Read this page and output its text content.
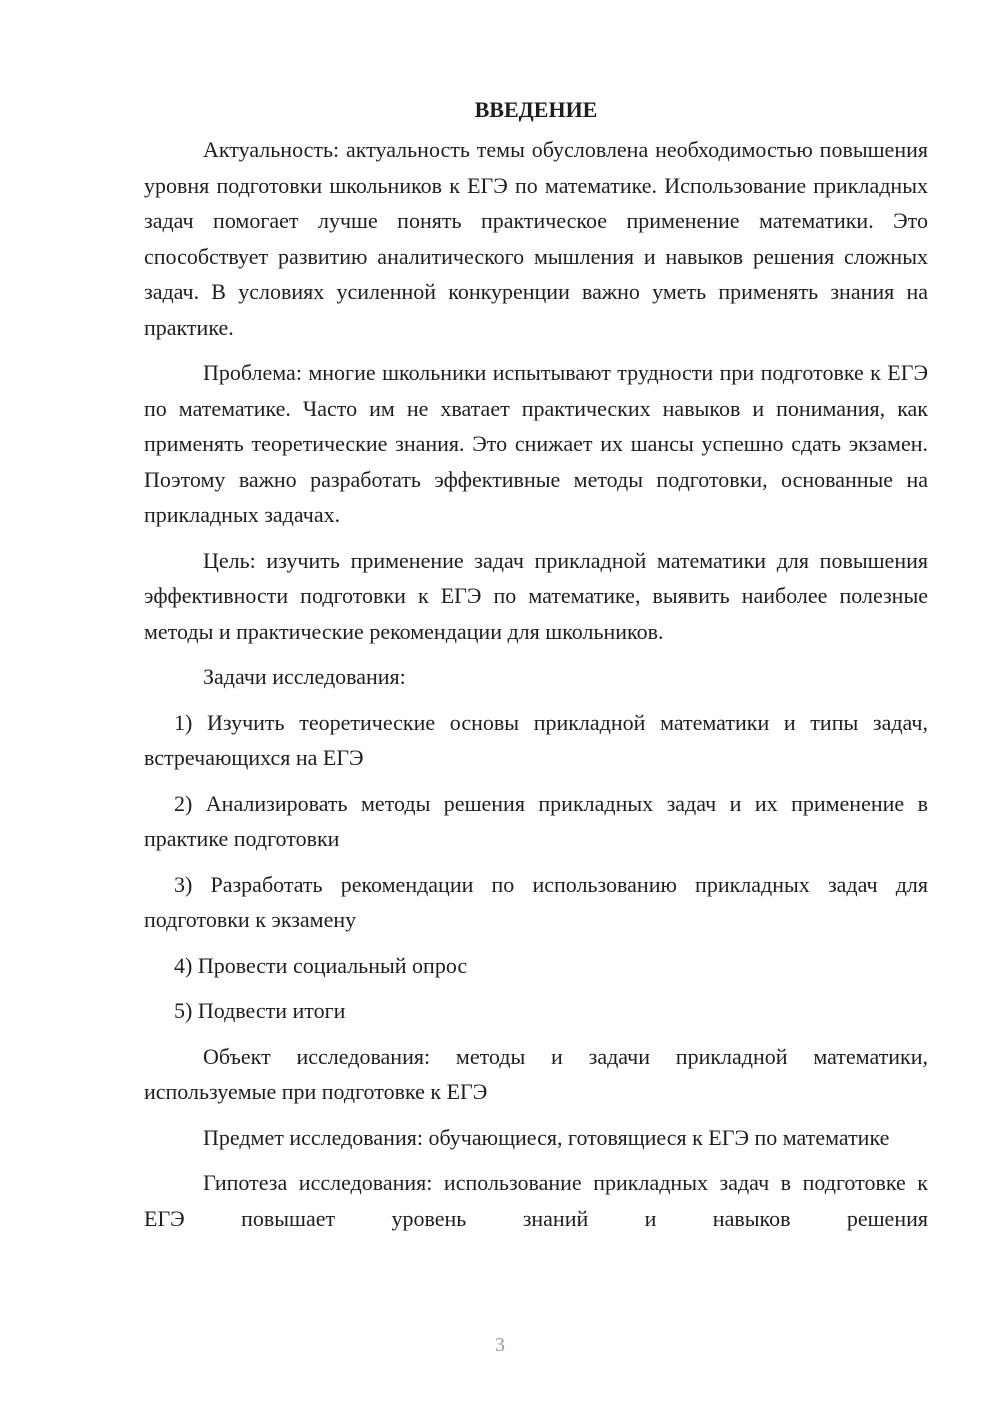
ВВЕДЕНИЕ

Актуальность: актуальность темы обусловлена необходимостью повышения уровня подготовки школьников к ЕГЭ по математике. Использование прикладных задач помогает лучше понять практическое применение математики. Это способствует развитию аналитического мышления и навыков решения сложных задач. В условиях усиленной конкуренции важно уметь применять знания на практике.

Проблема: многие школьники испытывают трудности при подготовке к ЕГЭ по математике. Часто им не хватает практических навыков и понимания, как применять теоретические знания. Это снижает их шансы успешно сдать экзамен. Поэтому важно разработать эффективные методы подготовки, основанные на прикладных задачах.

Цель: изучить применение задач прикладной математики для повышения эффективности подготовки к ЕГЭ по математике, выявить наиболее полезные методы и практические рекомендации для школьников.

Задачи исследования:

1) Изучить теоретические основы прикладной математики и типы задач, встречающихся на ЕГЭ

2) Анализировать методы решения прикладных задач и их применение в практике подготовки

3) Разработать рекомендации по использованию прикладных задач для подготовки к экзамену

4) Провести социальный опрос

5) Подвести итоги

Объект исследования: методы и задачи прикладной математики, используемые при подготовке к ЕГЭ

Предмет исследования: обучающиеся, готовящиеся к ЕГЭ по математике

Гипотеза исследования: использование прикладных задач в подготовке к ЕГЭ повышает уровень знаний и навыков решения

3
